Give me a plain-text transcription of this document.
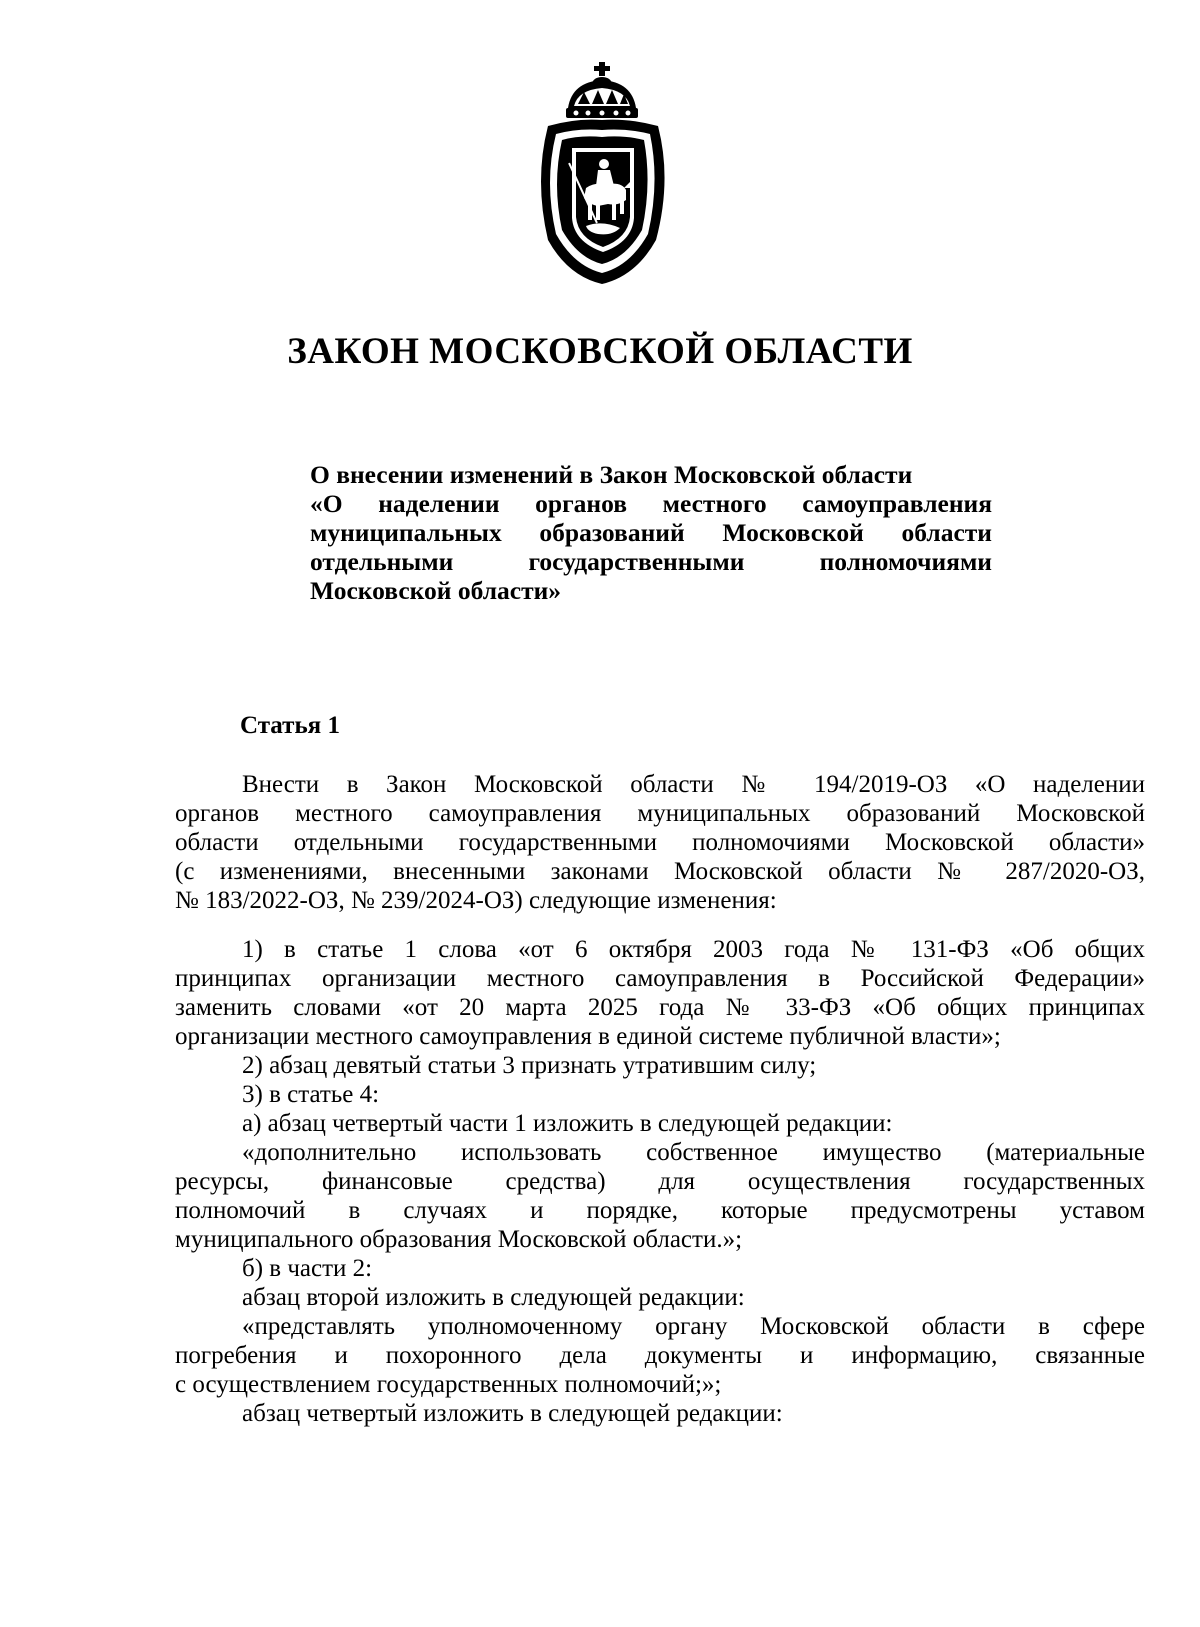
ЗАКОН МОСКОВСКОЙ ОБЛАСТИ
О внесении изменений в Закон Московской области
«О наделении органов местного самоуправления
муниципальных образований Московской области
отдельными государственными полномочиями
Московской области»
Статья 1
Внести в Закон Московской области № 194/2019-ОЗ «О наделении
органов местного самоуправления муниципальных образований Московской
области отдельными государственными полномочиями Московской области»
(с изменениями, внесенными законами Московской области № 287/2020-ОЗ,
№ 183/2022-ОЗ, № 239/2024-ОЗ) следующие изменения:
1) в статье 1 слова «от 6 октября 2003 года № 131-ФЗ «Об общих
принципах организации местного самоуправления в Российской Федерации»
заменить словами «от 20 марта 2025 года № 33-ФЗ «Об общих принципах
организации местного самоуправления в единой системе публичной власти»;
2) абзац девятый статьи 3 признать утратившим силу;
3) в статье 4:
а) абзац четвертый части 1 изложить в следующей редакции:
«дополнительно использовать собственное имущество (материальные
ресурсы, финансовые средства) для осуществления государственных
полномочий в случаях и порядке, которые предусмотрены уставом
муниципального образования Московской области.»;
б) в части 2:
абзац второй изложить в следующей редакции:
«представлять уполномоченному органу Московской области в сфере
погребения и похоронного дела документы и информацию, связанные
с осуществлением государственных полномочий;»;
абзац четвертый изложить в следующей редакции:
